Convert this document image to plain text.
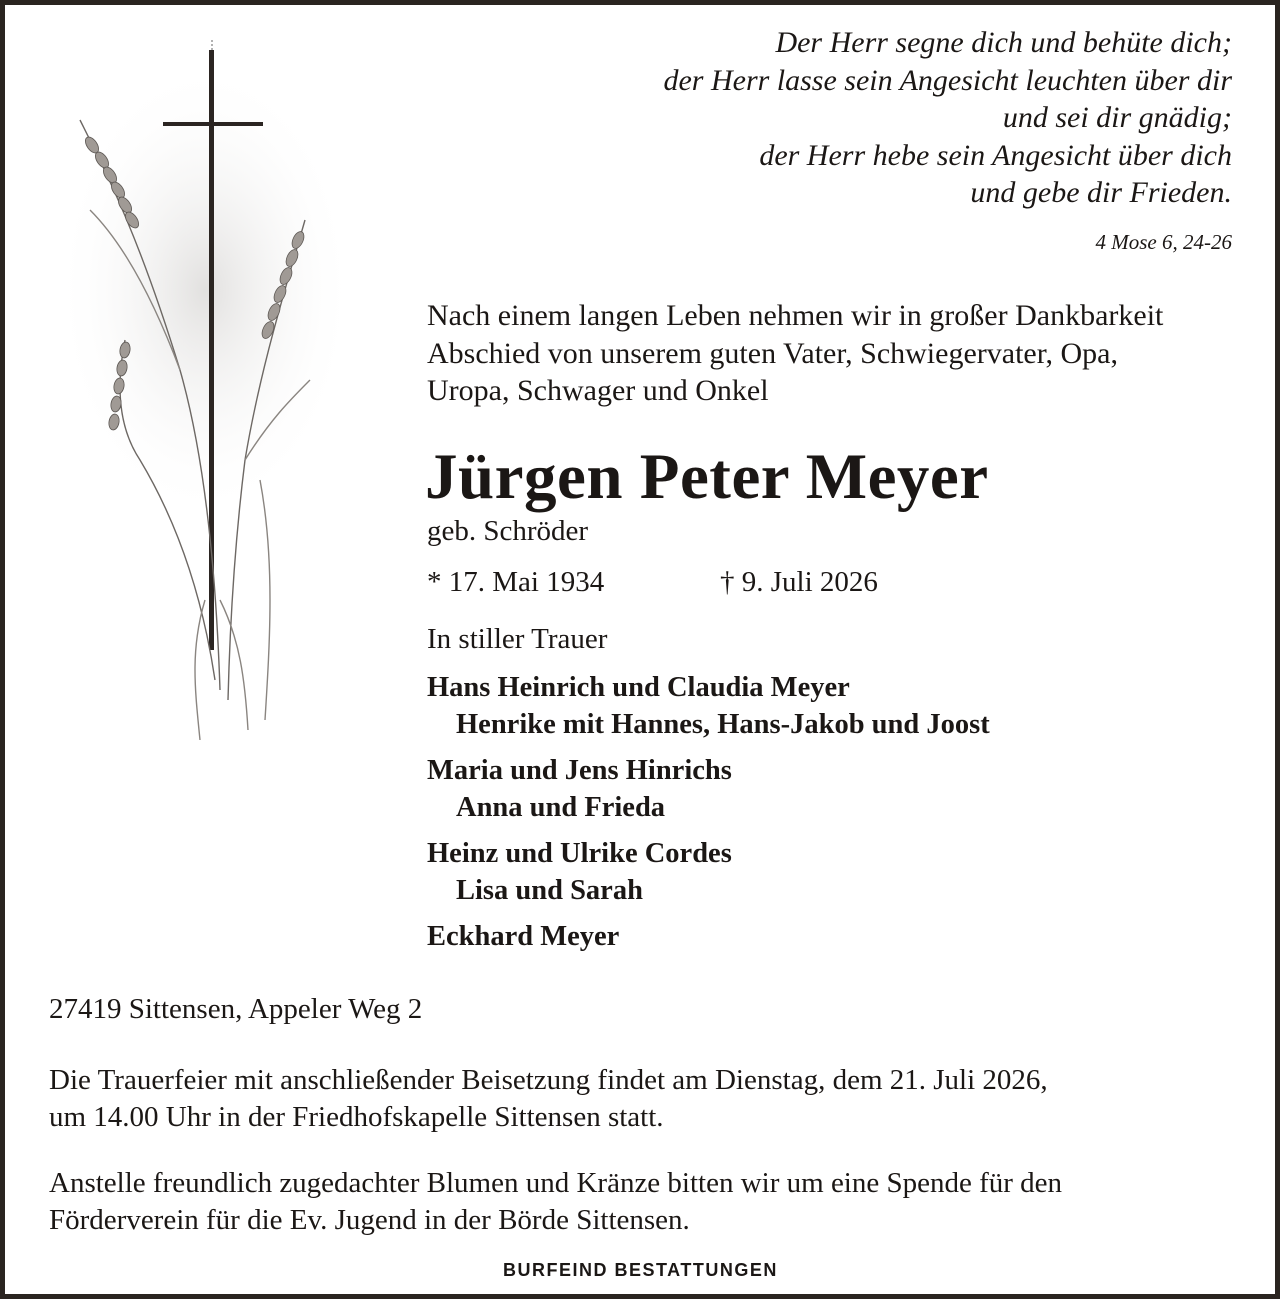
Der Herr segne dich und behüte dich;
der Herr lasse sein Angesicht leuchten über dir
und sei dir gnädig;
der Herr hebe sein Angesicht über dich
und gebe dir Frieden.
4 Mose 6, 24-26
Nach einem langen Leben nehmen wir in großer Dankbarkeit
Abschied von unserem guten Vater, Schwiegervater, Opa,
Uropa, Schwager und Onkel
Jürgen Peter Meyer
geb. Schröder
* 17. Mai 1934	† 9. Juli 2026
In stiller Trauer
Hans Heinrich und Claudia Meyer
Henrike mit Hannes, Hans-Jakob und Joost
Maria und Jens Hinrichs
Anna und Frieda
Heinz und Ulrike Cordes
Lisa und Sarah
Eckhard Meyer
27419 Sittensen, Appeler Weg 2
Die Trauerfeier mit anschließender Beisetzung findet am Dienstag, dem 21. Juli 2026,
um 14.00 Uhr in der Friedhofskapelle Sittensen statt.
Anstelle freundlich zugedachter Blumen und Kränze bitten wir um eine Spende für den
Förderverein für die Ev. Jugend in der Börde Sittensen.
BURFEIND BESTATTUNGEN
